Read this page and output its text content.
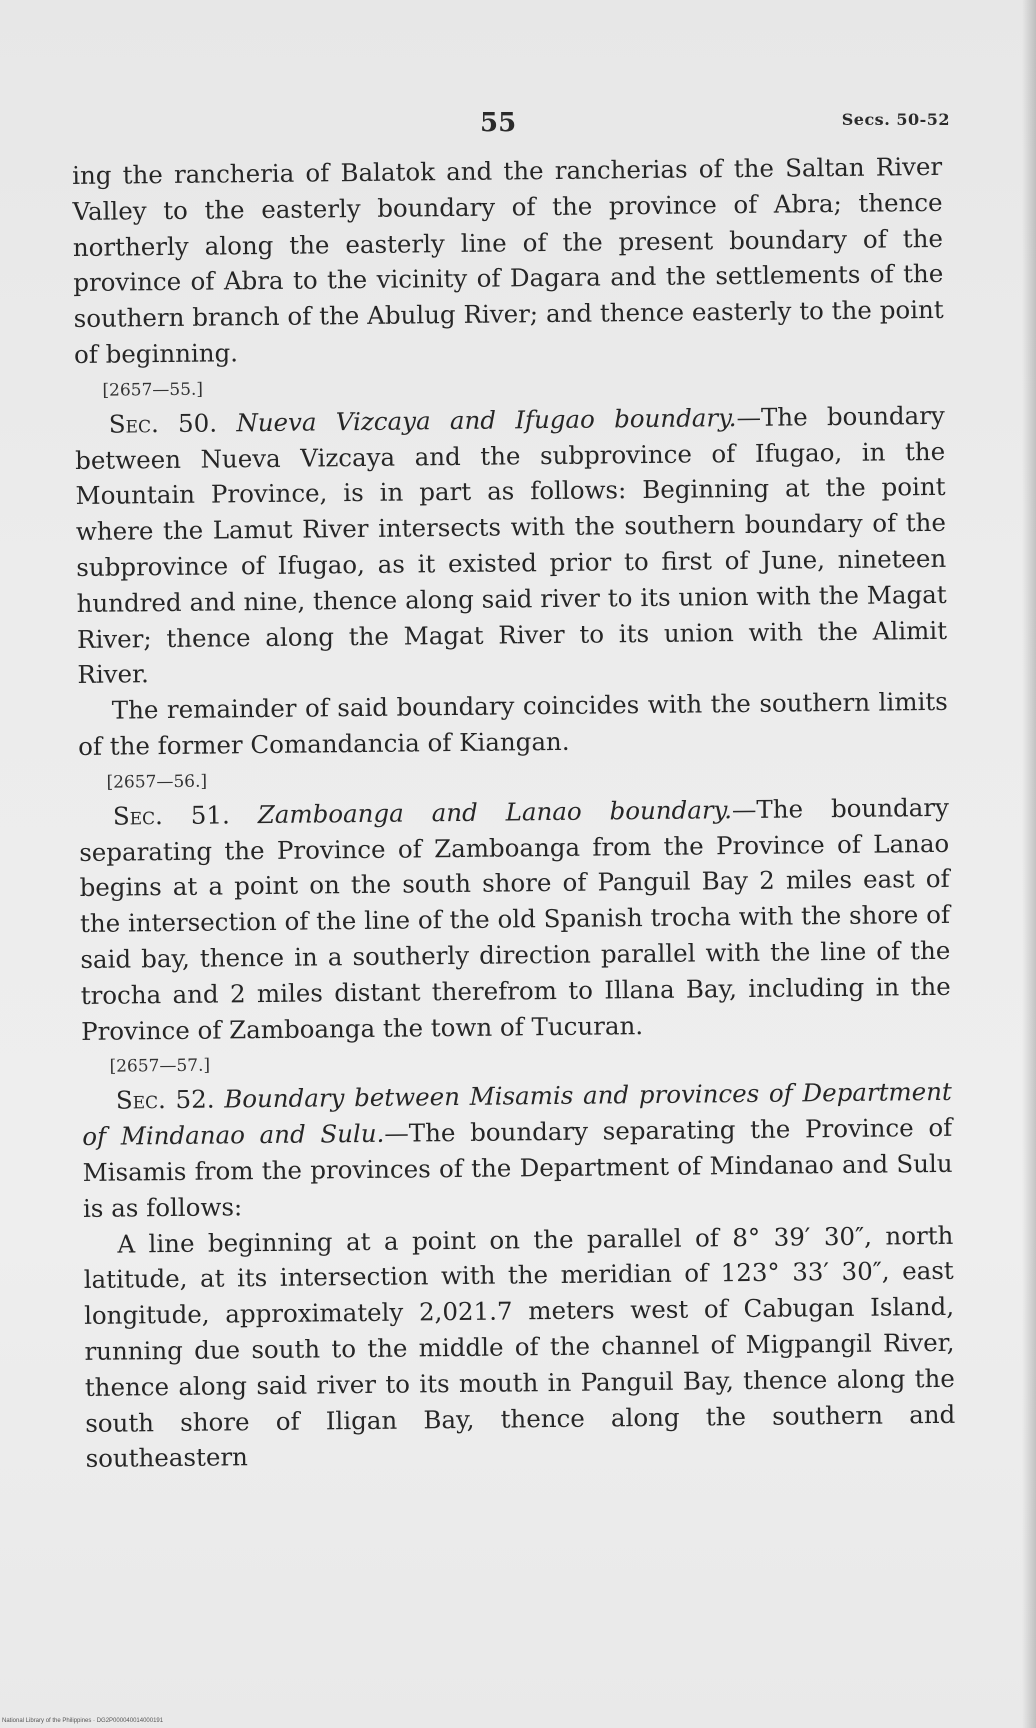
55	Secs. 50-52

ing the rancheria of Balatok and the rancherias of the Saltan River Valley to the easterly boundary of the province of Abra; thence northerly along the easterly line of the present boundary of the province of Abra to the vicinity of Dagara and the settlements of the southern branch of the Abulug River; and thence easterly to the point of beginning.

[2657—55.]

Sec. 50. Nueva Vizcaya and Ifugao boundary.—The boundary between Nueva Vizcaya and the subprovince of Ifugao, in the Mountain Province, is in part as follows: Beginning at the point where the Lamut River intersects with the southern boundary of the subprovince of Ifugao, as it existed prior to first of June, nineteen hundred and nine, thence along said river to its union with the Magat River; thence along the Magat River to its union with the Alimit River.

The remainder of said boundary coincides with the southern limits of the former Comandancia of Kiangan.

[2657—56.]

Sec. 51. Zamboanga and Lanao boundary.—The boundary separating the Province of Zamboanga from the Province of Lanao begins at a point on the south shore of Panguil Bay 2 miles east of the intersection of the line of the old Spanish trocha with the shore of said bay, thence in a southerly direction parallel with the line of the trocha and 2 miles distant therefrom to Illana Bay, including in the Province of Zamboanga the town of Tucuran.

[2657—57.]

Sec. 52. Boundary between Misamis and provinces of Department of Mindanao and Sulu.—The boundary separating the Province of Misamis from the provinces of the Department of Mindanao and Sulu is as follows:

A line beginning at a point on the parallel of 8° 39′ 30″, north latitude, at its intersection with the meridian of 123° 33′ 30″, east longitude, approximately 2,021.7 meters west of Cabugan Island, running due south to the middle of the channel of Migpangil River, thence along said river to its mouth in Panguil Bay, thence along the south shore of Iligan Bay, thence along the southern and southeastern

National Library of the Philippines · DG2P000040014000191
